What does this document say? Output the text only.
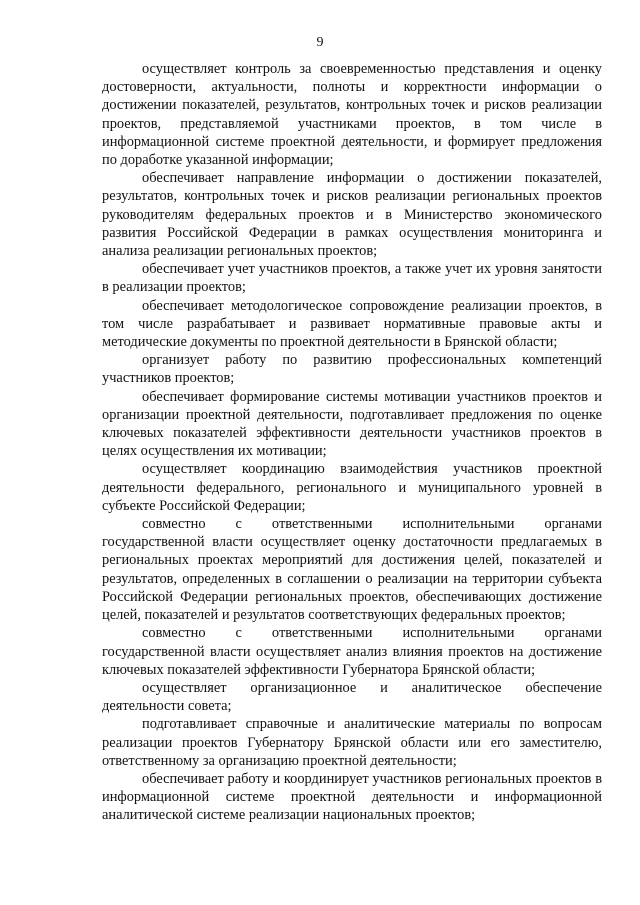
9

осуществляет контроль за своевременностью представления и оценку достоверности, актуальности, полноты и корректности информации о достижении показателей, результатов, контрольных точек и рисков реализации проектов, представляемой участниками проектов, в том числе в информационной системе проектной деятельности, и формирует предложения по доработке указанной информации;

обеспечивает направление информации о достижении показателей, результатов, контрольных точек и рисков реализации региональных проектов руководителям федеральных проектов и в Министерство экономического развития Российской Федерации в рамках осуществления мониторинга и анализа реализации региональных проектов;

обеспечивает учет участников проектов, а также учет их уровня занятости в реализации проектов;

обеспечивает методологическое сопровождение реализации проектов, в том числе разрабатывает и развивает нормативные правовые акты и методические документы по проектной деятельности в Брянской области;

организует работу по развитию профессиональных компетенций участников проектов;

обеспечивает формирование системы мотивации участников проектов и организации проектной деятельности, подготавливает предложения по оценке ключевых показателей эффективности деятельности участников проектов в целях осуществления их мотивации;

осуществляет координацию взаимодействия участников проектной деятельности федерального, регионального и муниципального уровней в субъекте Российской Федерации;

совместно с ответственными исполнительными органами государственной власти осуществляет оценку достаточности предлагаемых в региональных проектах мероприятий для достижения целей, показателей и результатов, определенных в соглашении о реализации на территории субъекта Российской Федерации региональных проектов, обеспечивающих достижение целей, показателей и результатов соответствующих федеральных проектов;

совместно с ответственными исполнительными органами государственной власти осуществляет анализ влияния проектов на достижение ключевых показателей эффективности Губернатора Брянской области;

осуществляет организационное и аналитическое обеспечение деятельности совета;

подготавливает справочные и аналитические материалы по вопросам реализации проектов Губернатору Брянской области или его заместителю, ответственному за организацию проектной деятельности;

обеспечивает работу и координирует участников региональных проектов в информационной системе проектной деятельности и информационной аналитической системе реализации национальных проектов;
